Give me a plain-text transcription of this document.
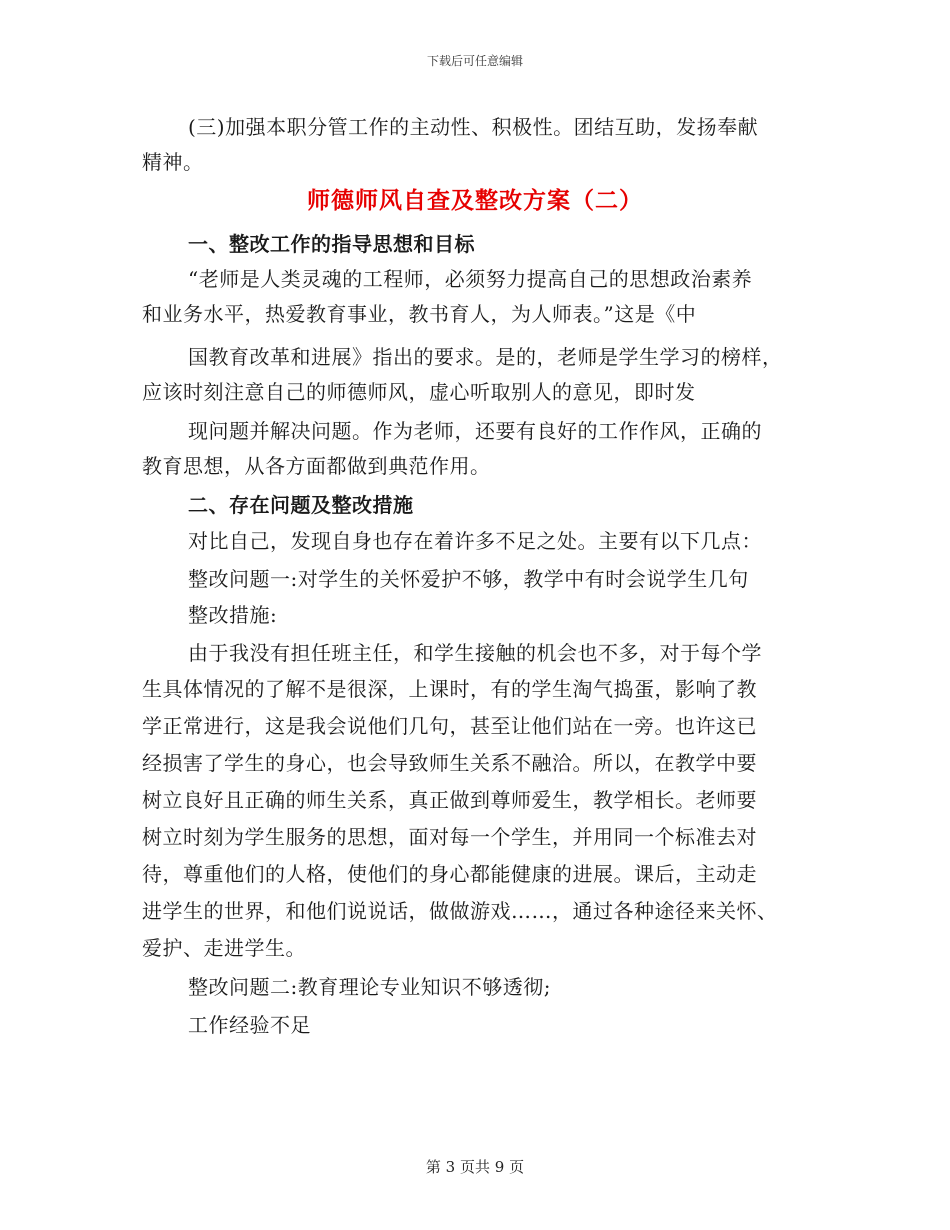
下载后可任意编辑
(三)加强本职分管工作的主动性、积极性。团结互助，发扬奉献
精神。
师德师风自查及整改方案（二）
一、整改工作的指导思想和目标
“老师是人类灵魂的工程师，必须努力提高自己的思想政治素养
和业务水平，热爱教育事业，教书育人，为人师表。”这是《中
国教育改革和进展》指出的要求。是的，老师是学生学习的榜样，
应该时刻注意自己的师德师风，虚心听取别人的意见，即时发
现问题并解决问题。作为老师，还要有良好的工作作风，正确的
教育思想，从各方面都做到典范作用。
二、存在问题及整改措施
对比自己，发现自身也存在着许多不足之处。主要有以下几点：
整改问题一:对学生的关怀爱护不够，教学中有时会说学生几句
整改措施:
由于我没有担任班主任，和学生接触的机会也不多，对于每个学
生具体情况的了解不是很深，上课时，有的学生淘气捣蛋，影响了教
学正常进行，这是我会说他们几句，甚至让他们站在一旁。也许这已
经损害了学生的身心，也会导致师生关系不融洽。所以，在教学中要
树立良好且正确的师生关系，真正做到尊师爱生，教学相长。老师要
树立时刻为学生服务的思想，面对每一个学生，并用同一个标准去对
待，尊重他们的人格，使他们的身心都能健康的进展。课后，主动走
进学生的世界，和他们说说话，做做游戏……，通过各种途径来关怀、
爱护、走进学生。
整改问题二:教育理论专业知识不够透彻;
工作经验不足
第 3 页共 9 页
